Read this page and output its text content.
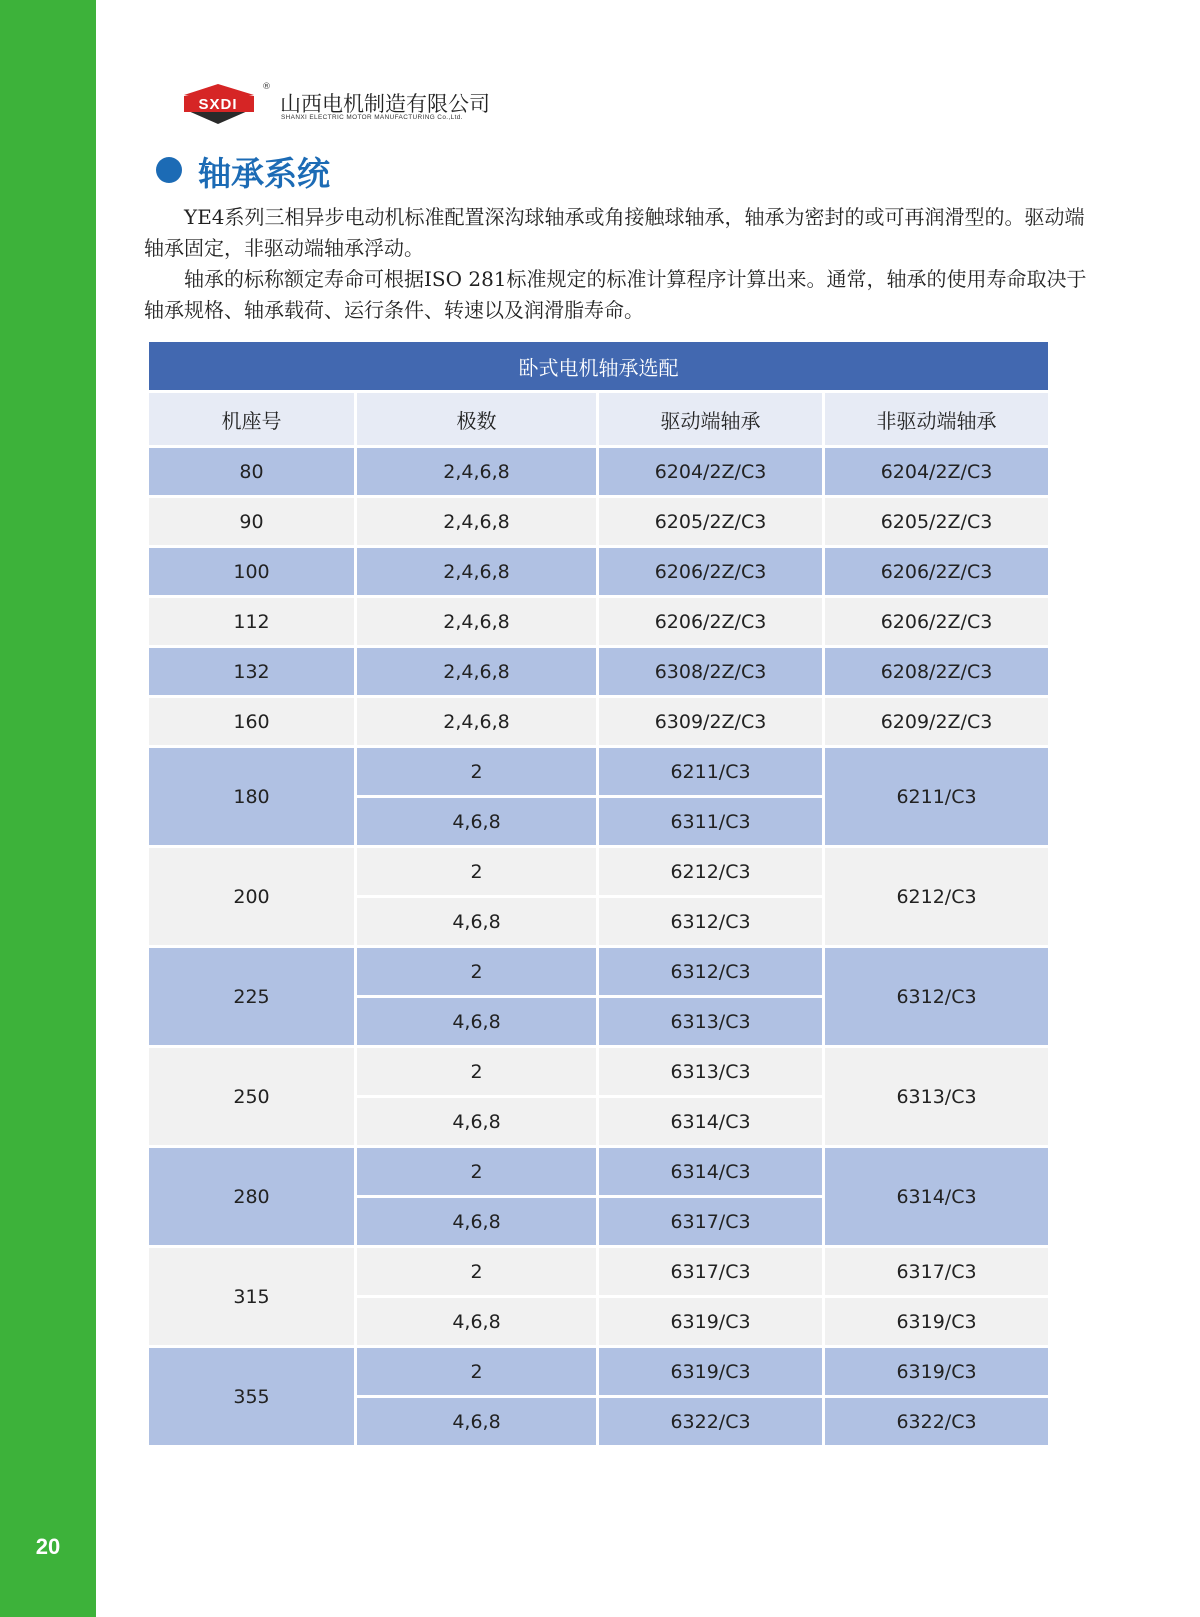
20
SXDI
®
山西电机制造有限公司
SHANXI ELECTRIC MOTOR MANUFACTURING Co.,Ltd.
轴承系统
YE4系列三相异步电动机标准配置深沟球轴承或角接触球轴承，轴承为密封的或可再润滑型的。驱动端轴承固定，非驱动端轴承浮动。
轴承的标称额定寿命可根据ISO 281标准规定的标准计算程序计算出来。通常，轴承的使用寿命取决于轴承规格、轴承载荷、运行条件、转速以及润滑脂寿命。
卧式电机轴承选配			
机座号	极数	驱动端轴承	非驱动端轴承
80	2,4,6,8	6204/2Z/C3	6204/2Z/C3
90	2,4,6,8	6205/2Z/C3	6205/2Z/C3
100	2,4,6,8	6206/2Z/C3	6206/2Z/C3
112	2,4,6,8	6206/2Z/C3	6206/2Z/C3
132	2,4,6,8	6308/2Z/C3	6208/2Z/C3
160	2,4,6,8	6309/2Z/C3	6209/2Z/C3
180	2	6211/C3	6211/C3
	4,6,8	6311/C3	
200	2	6212/C3	6212/C3
	4,6,8	6312/C3	
225	2	6312/C3	6312/C3
	4,6,8	6313/C3	
250	2	6313/C3	6313/C3
	4,6,8	6314/C3	
280	2	6314/C3	6314/C3
	4,6,8	6317/C3	
315	2	6317/C3	6317/C3
	4,6,8	6319/C3	6319/C3
355	2	6319/C3	6319/C3
	4,6,8	6322/C3	6322/C3
